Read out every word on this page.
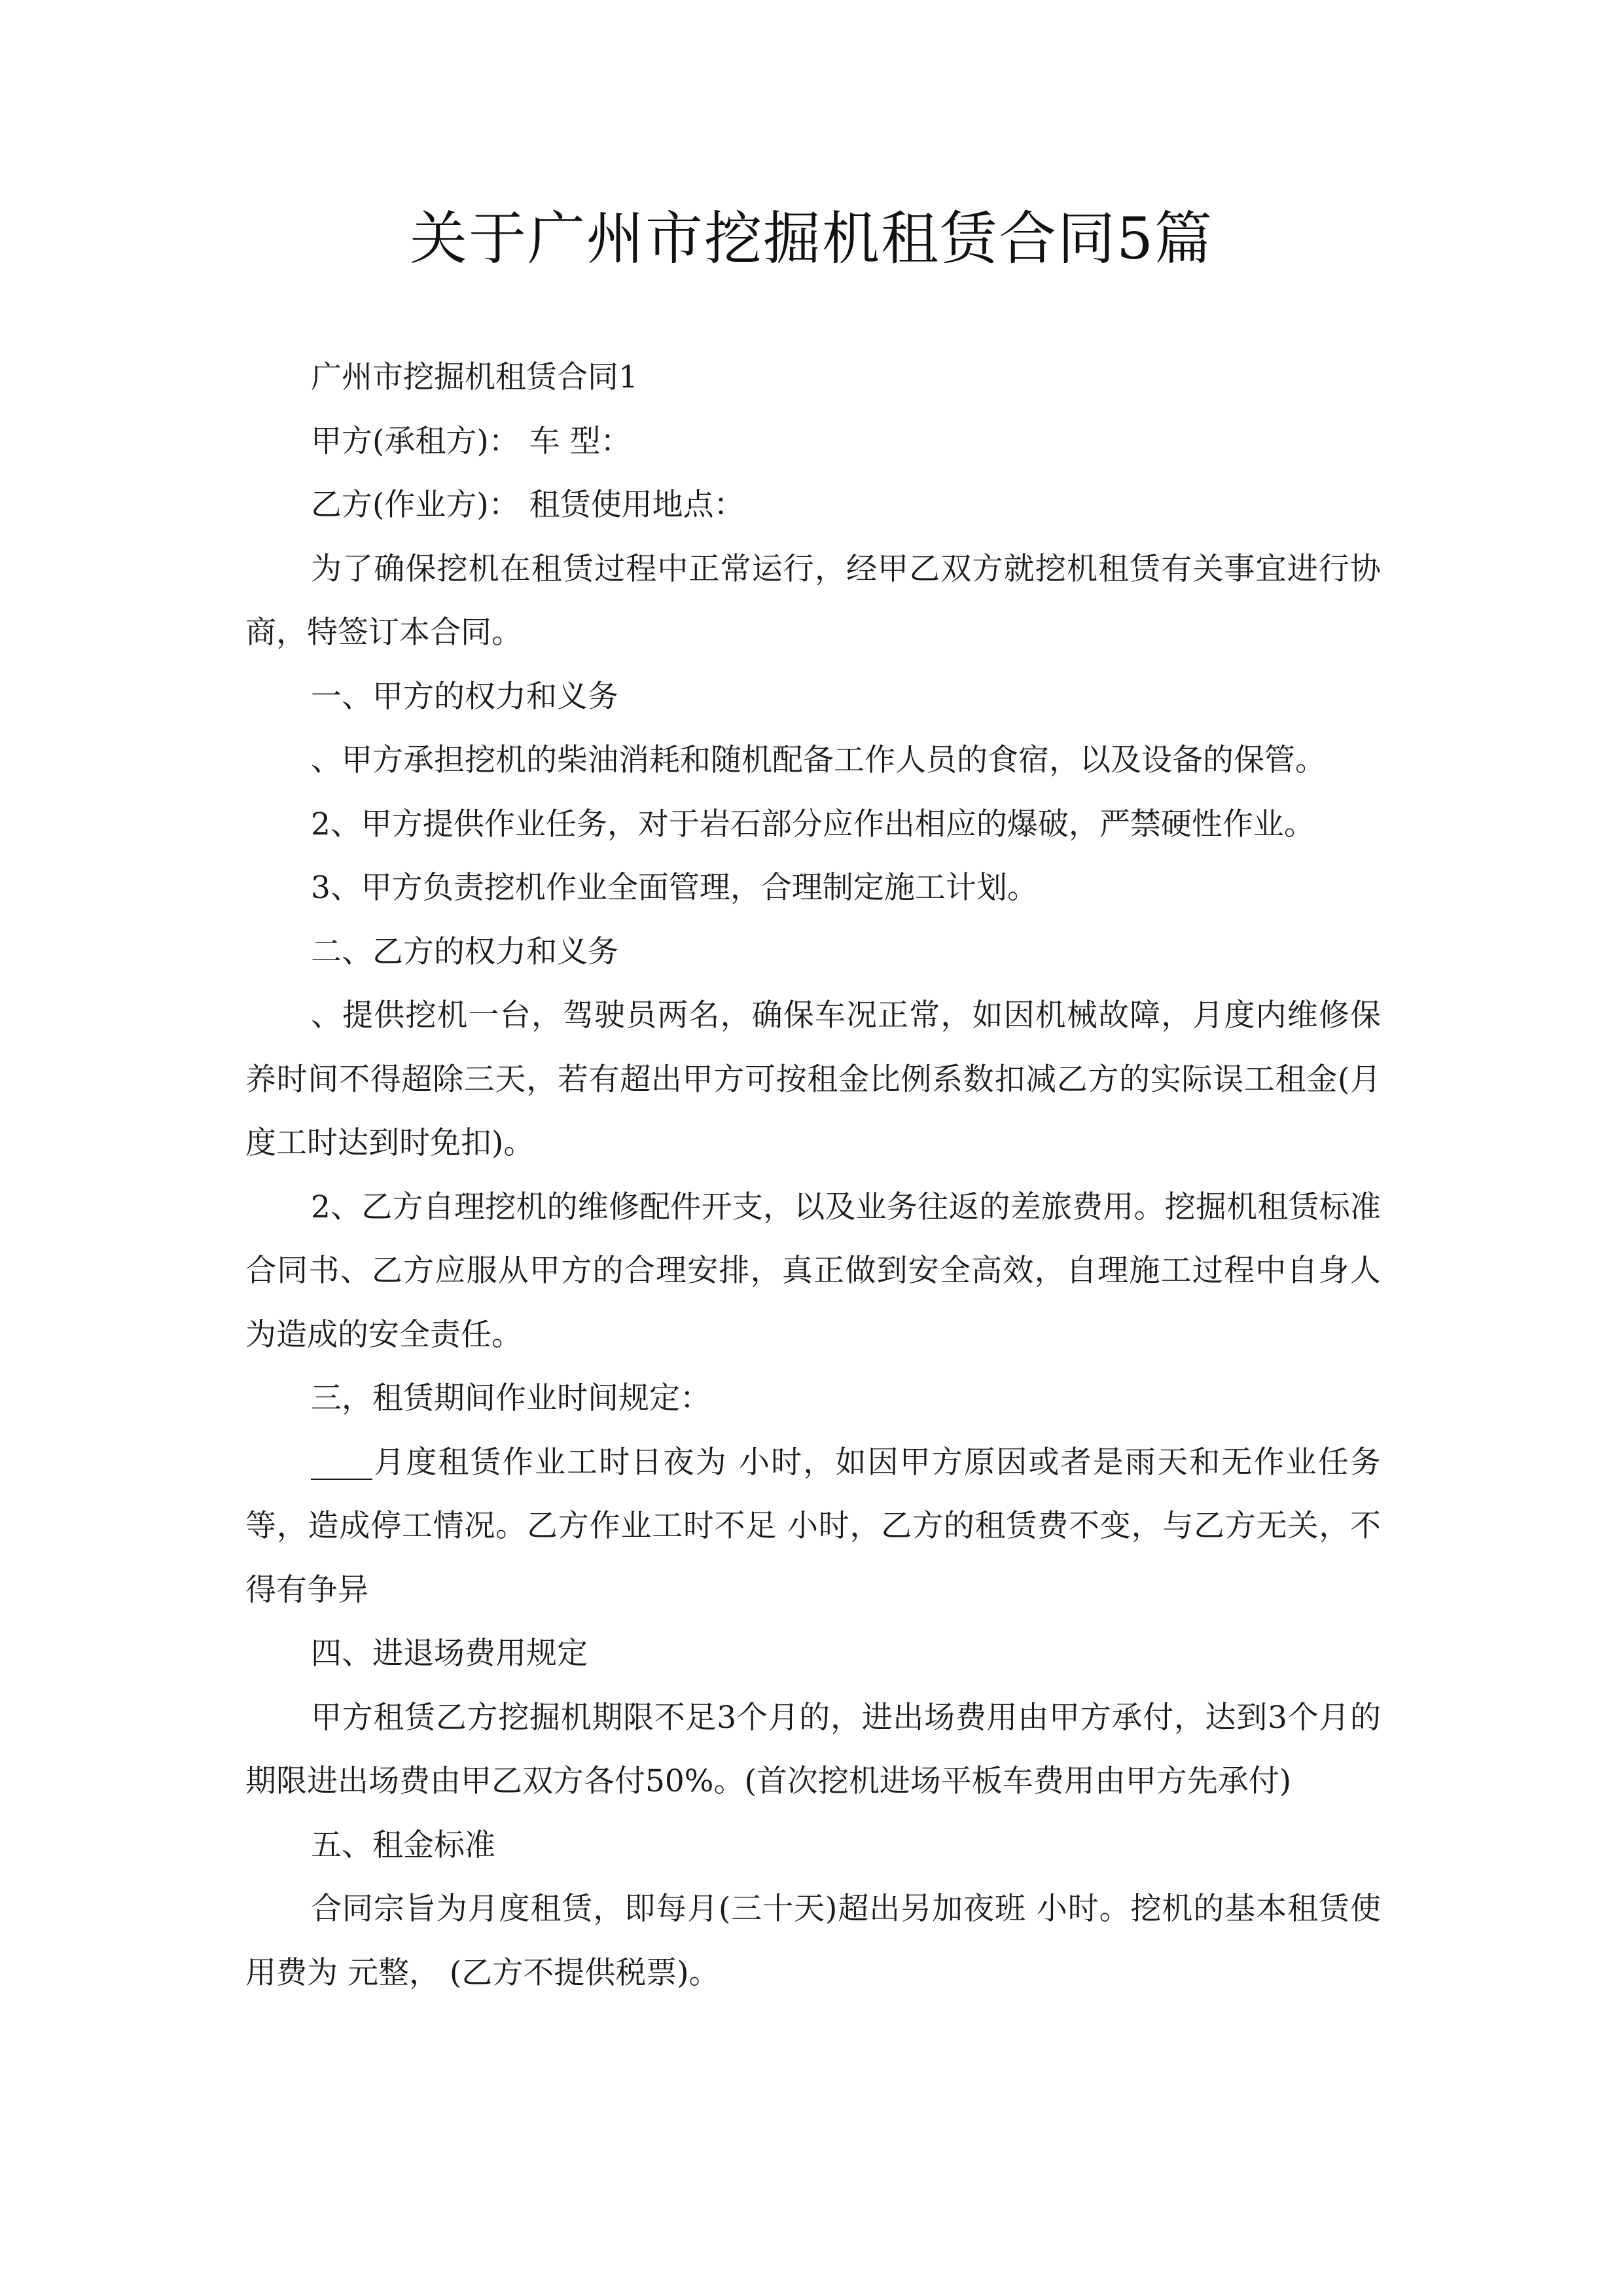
关于广州市挖掘机租赁合同5篇

广州市挖掘机租赁合同1

甲方(承租方)： 车 型：

乙方(作业方)： 租赁使用地点：

为了确保挖机在租赁过程中正常运行，经甲乙双方就挖机租赁有关事宜进行协商，特签订本合同。

一、甲方的权力和义务

、甲方承担挖机的柴油消耗和随机配备工作人员的食宿，以及设备的保管。

2、甲方提供作业任务，对于岩石部分应作出相应的爆破，严禁硬性作业。

3、甲方负责挖机作业全面管理，合理制定施工计划。

二、乙方的权力和义务

、提供挖机一台，驾驶员两名，确保车况正常，如因机械故障，月度内维修保养时间不得超除三天，若有超出甲方可按租金比例系数扣减乙方的实际误工租金(月度工时达到时免扣)。

2、乙方自理挖机的维修配件开支，以及业务往返的差旅费用。挖掘机租赁标准合同书、乙方应服从甲方的合理安排，真正做到安全高效，自理施工过程中自身人为造成的安全责任。

三，租赁期间作业时间规定：

____月度租赁作业工时日夜为 小时，如因甲方原因或者是雨天和无作业任务等，造成停工情况。乙方作业工时不足 小时，乙方的租赁费不变，与乙方无关，不得有争异

四、进退场费用规定

甲方租赁乙方挖掘机期限不足3个月的，进出场费用由甲方承付，达到3个月的期限进出场费由甲乙双方各付50%。(首次挖机进场平板车费用由甲方先承付)

五、租金标准

合同宗旨为月度租赁，即每月(三十天)超出另加夜班 小时。挖机的基本租赁使用费为 元整， (乙方不提供税票)。
